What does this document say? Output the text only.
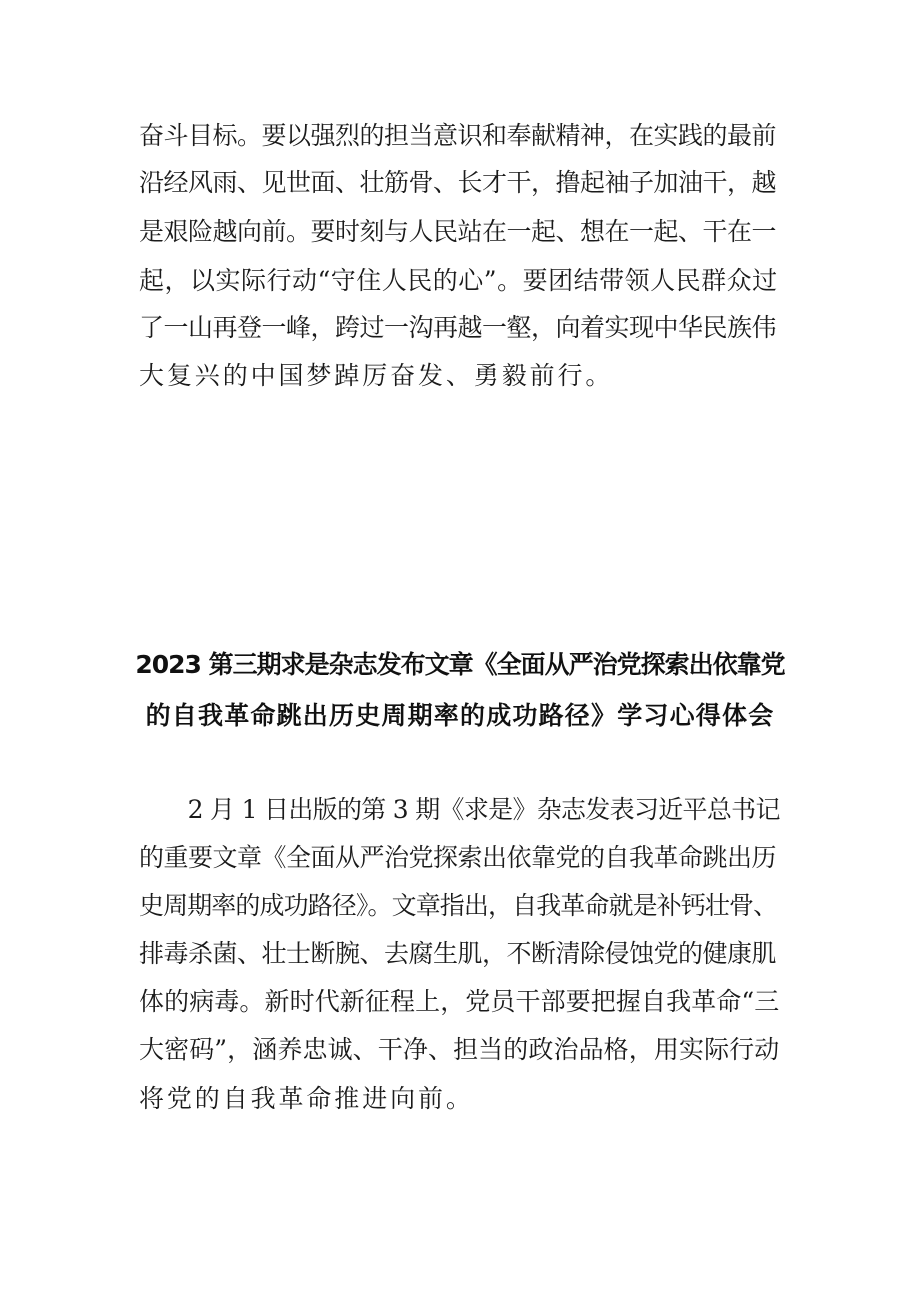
奋斗目标。要以强烈的担当意识和奉献精神，在实践的最前
沿经风雨、见世面、壮筋骨、长才干，撸起袖子加油干，越
是艰险越向前。要时刻与人民站在一起、想在一起、干在一
起，以实际行动“守住人民的心”。要团结带领人民群众过
了一山再登一峰，跨过一沟再越一壑，向着实现中华民族伟
大复兴的中国梦踔厉奋发、勇毅前行。
2023 第三期求是杂志发布文章《全面从严治党探索出依靠党
的自我革命跳出历史周期率的成功路径》学习心得体会
　　2 月 1 日出版的第 3 期《求是》杂志发表习近平总书记
的重要文章《全面从严治党探索出依靠党的自我革命跳出历
史周期率的成功路径》。文章指出，自我革命就是补钙壮骨、
排毒杀菌、壮士断腕、去腐生肌，不断清除侵蚀党的健康肌
体的病毒。新时代新征程上，党员干部要把握自我革命“三
大密码”，涵养忠诚、干净、担当的政治品格，用实际行动
将党的自我革命推进向前。
